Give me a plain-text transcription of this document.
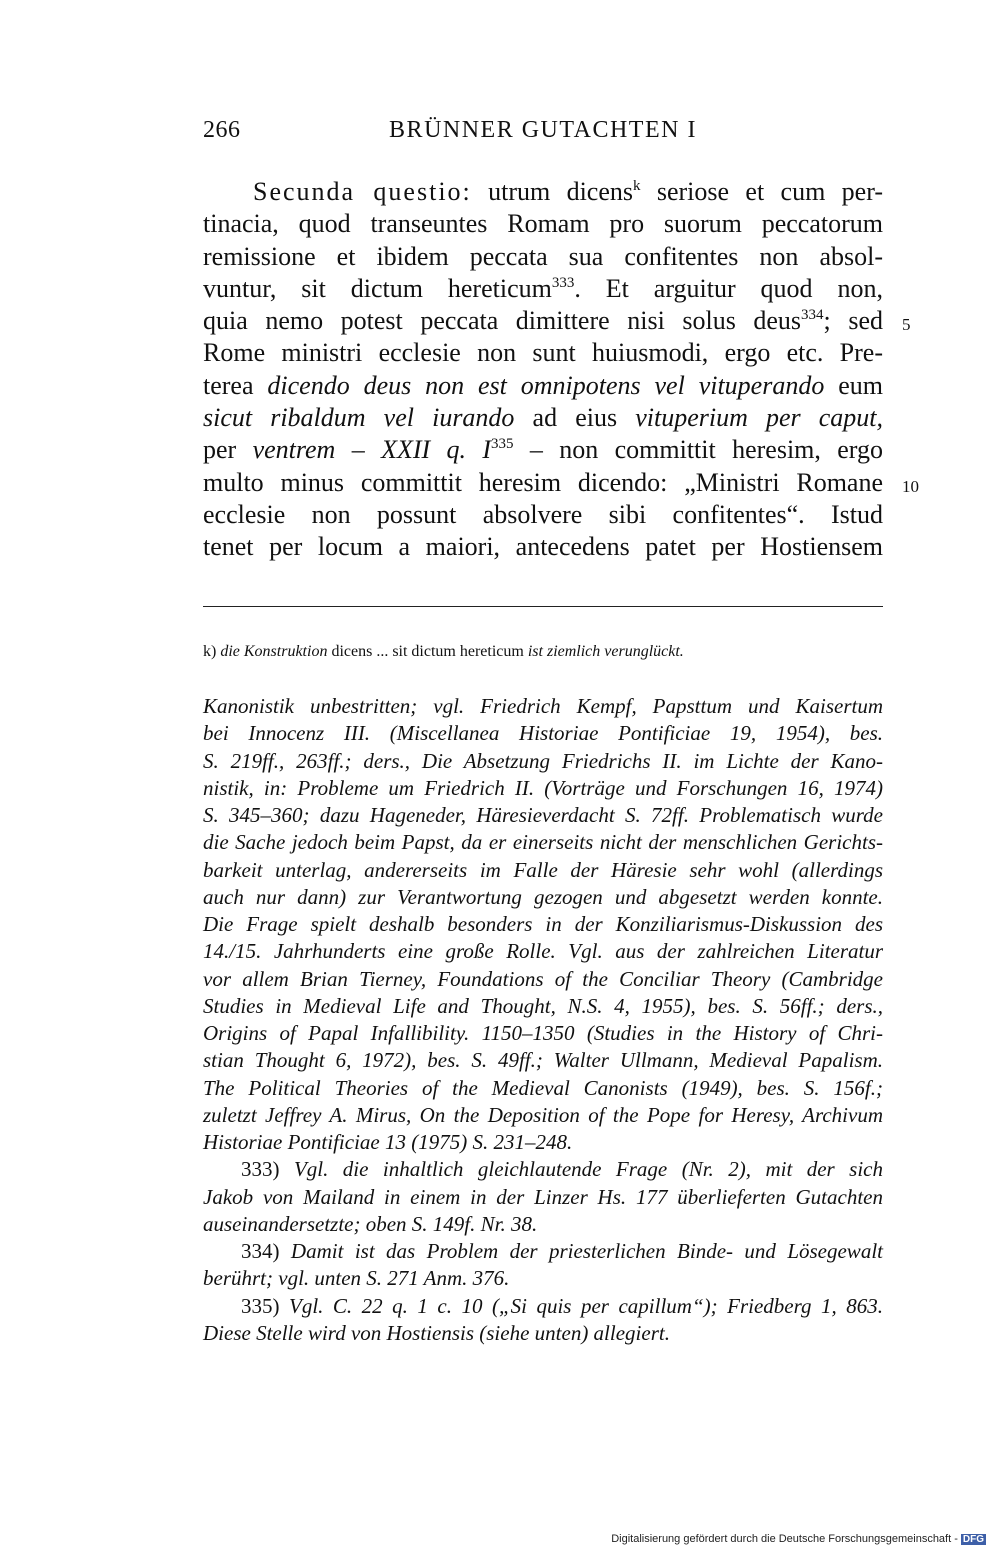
266	BRÜNNER GUTACHTEN I
Secunda questio: utrum dicens$^k$ seriose et cum per-
tinacia, quod transeuntes Romam pro suorum peccatorum
remissione et ibidem peccata sua confitentes non absol-
vuntur, sit dictum hereticum$^{333}$. Et arguitur quod non,
quia nemo potest peccata dimittere nisi solus deus$^{334}$; sed
Rome ministri ecclesie non sunt huiusmodi, ergo etc. Pre-
terea dicendo deus non est omnipotens vel vituperando eum
sicut ribaldum vel iurando ad eius vituperium per caput,
per ventrem – XXII q. $I^{335}$ – non committit heresim, ergo
multo minus committit heresim dicendo: „Ministri Romane
ecclesie non possunt absolvere sibi confitentes“. Istud
tenet per locum a maiori, antecedens patet per Hostiensem
5
10
k) die Konstruktion dicens ... sit dictum hereticum ist ziemlich verunglückt.
Kanonistik unbestritten; vgl. Friedrich Kempf, Papsttum und Kaisertum
bei Innocenz III. (Miscellanea Historiae Pontificiae 19, 1954), bes.
S. 219ff., 263ff.; ders., Die Absetzung Friedrichs II. im Lichte der Kano-
nistik, in: Probleme um Friedrich II. (Vorträge und Forschungen 16, 1974)
S. 345–360; dazu Hageneder, Häresieverdacht S. 72ff. Problematisch wurde
die Sache jedoch beim Papst, da er einerseits nicht der menschlichen Gerichts-
barkeit unterlag, andererseits im Falle der Häresie sehr wohl (allerdings
auch nur dann) zur Verantwortung gezogen und abgesetzt werden konnte.
Die Frage spielt deshalb besonders in der Konziliarismus-Diskussion des
14./15. Jahrhunderts eine große Rolle. Vgl. aus der zahlreichen Literatur
vor allem Brian Tierney, Foundations of the Conciliar Theory (Cambridge
Studies in Medieval Life and Thought, N.S. 4, 1955), bes. S. 56ff.; ders.,
Origins of Papal Infallibility. 1150–1350 (Studies in the History of Chri-
stian Thought 6, 1972), bes. S. 49ff.; Walter Ullmann, Medieval Papalism.
The Political Theories of the Medieval Canonists (1949), bes. S. 156f.;
zuletzt Jeffrey A. Mirus, On the Deposition of the Pope for Heresy, Archivum
Historiae Pontificiae 13 (1975) S. 231–248.
333) Vgl. die inhaltlich gleichlautende Frage (Nr. 2), mit der sich
Jakob von Mailand in einem in der Linzer Hs. 177 überlieferten Gutachten
auseinandersetzte; oben S. 149f. Nr. 38.
334) Damit ist das Problem der priesterlichen Binde- und Lösegewalt
berührt; vgl. unten S. 271 Anm. 376.
335) Vgl. C. 22 q. 1 c. 10 („Si quis per capillum“); Friedberg 1, 863.
Diese Stelle wird von Hostiensis (siehe unten) allegiert.
Digitalisierung gefördert durch die Deutsche Forschungsgemeinschaft - DFG
